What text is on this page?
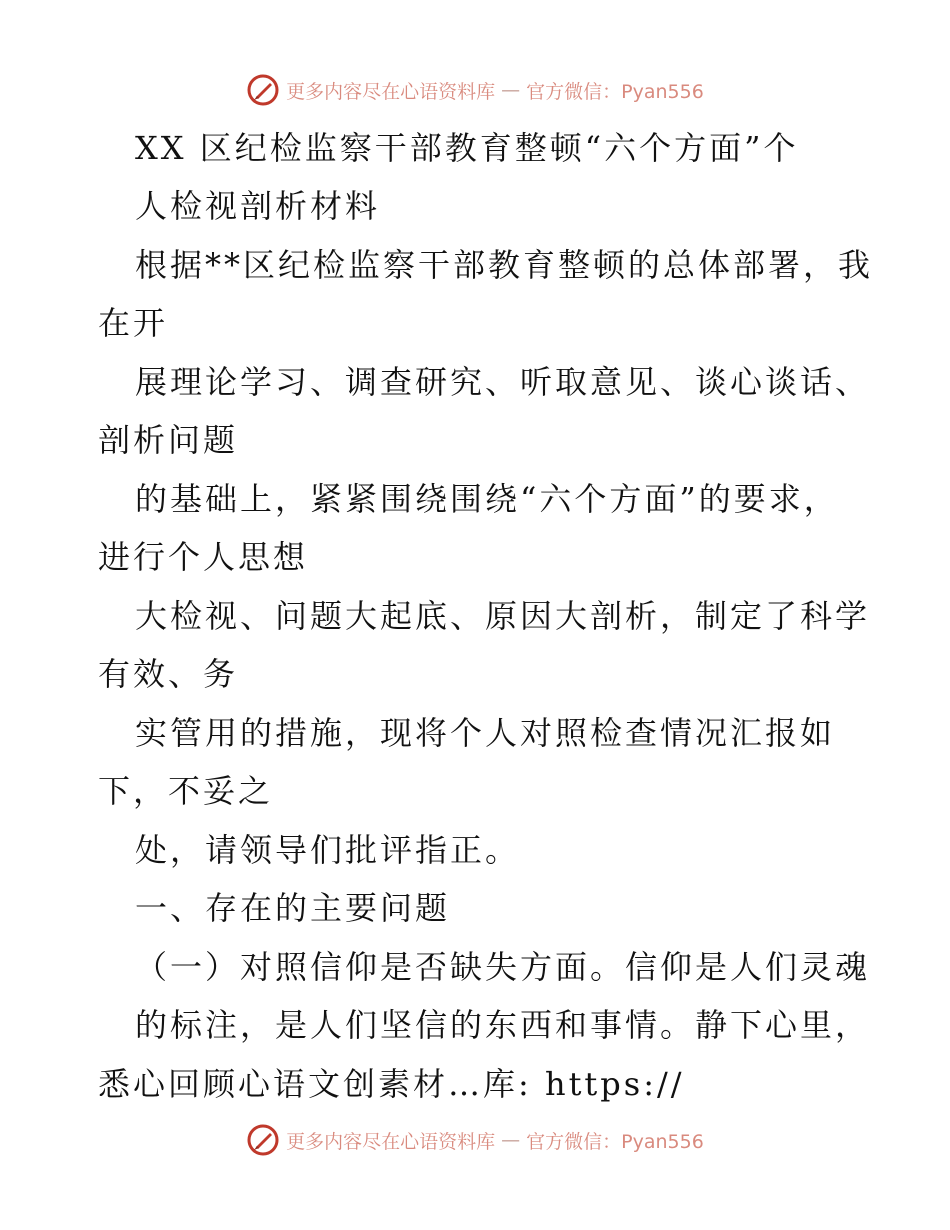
更多内容尽在心语资料库 — 官方微信：Pyan556
XX 区纪检监察干部教育整顿“六个方面”个
人检视剖析材料
根据**区纪检监察干部教育整顿的总体部署，我
在开
展理论学习、调查研究、听取意见、谈心谈话、
剖析问题
的基础上，紧紧围绕围绕“六个方面”的要求，
进行个人思想
大检视、问题大起底、原因大剖析，制定了科学
有效、务
实管用的措施，现将个人对照检查情况汇报如
下，不妥之
处，请领导们批评指正。
一、存在的主要问题
（一）对照信仰是否缺失方面。信仰是人们灵魂
的标注，是人们坚信的东西和事情。静下心里，
悉心回顾心语文创素材…库: https://
更多内容尽在心语资料库 — 官方微信：Pyan556
